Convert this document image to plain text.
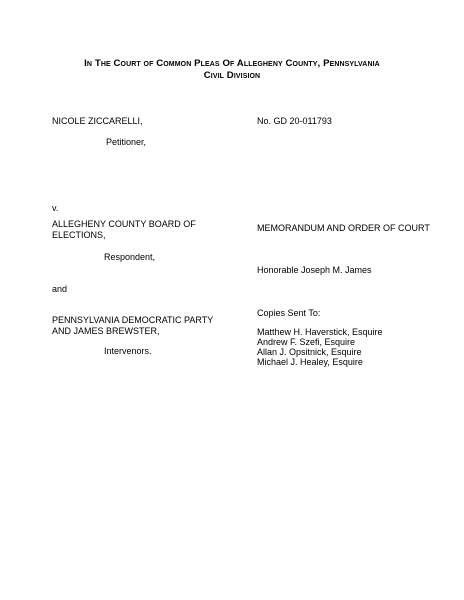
In The Court of Common Pleas Of Allegheny County, Pennsylvania
Civil Division
NICOLE ZICCARELLI,
Petitioner,
v.
ALLEGHENY COUNTY BOARD OF
ELECTIONS,
Respondent,
and
PENNSYLVANIA DEMOCRATIC PARTY
AND JAMES BREWSTER,
Intervenors.
No. GD 20-011793
MEMORANDUM AND ORDER OF COURT
Honorable Joseph M. James
Copies Sent To:
Matthew H. Haverstick, Esquire
Andrew F. Szefi, Esquire
Allan J. Opsitnick, Esquire
Michael J. Healey, Esquire
